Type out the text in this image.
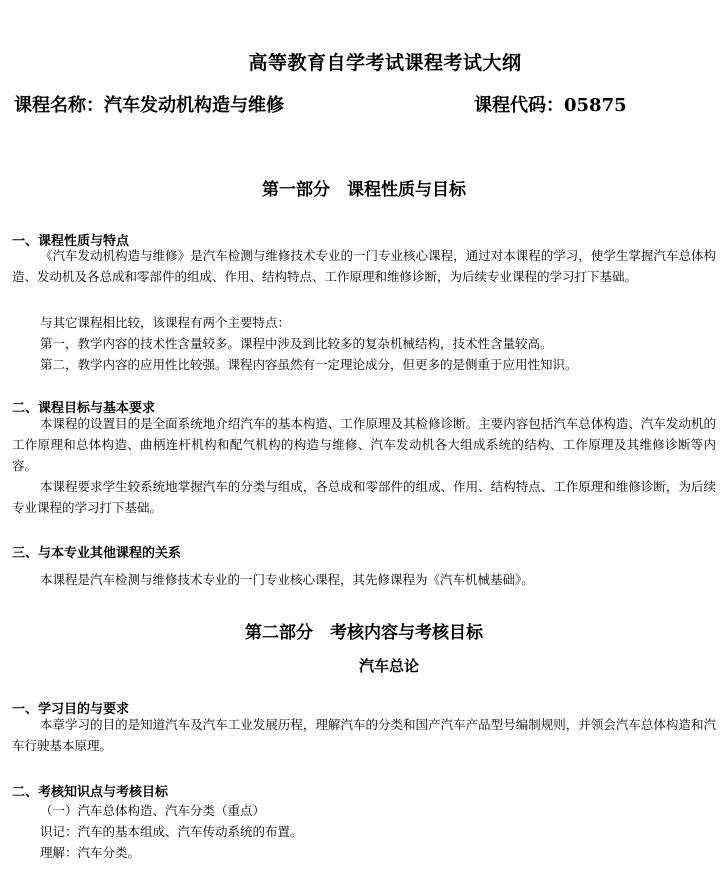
高等教育自学考试课程考试大纲
课程名称：汽车发动机构造与维修	课程代码：05875
第一部分　课程性质与目标
一、课程性质与特点

《汽车发动机构造与维修》是汽车检测与维修技术专业的一门专业核心课程，通过对本课程的学习，使学生掌握汽车总体构造、发动机及各总成和零部件的组成、作用、结构特点、工作原理和维修诊断，为后续专业课程的学习打下基础。

与其它课程相比较，该课程有两个主要特点：
第一，教学内容的技术性含量较多。课程中涉及到比较多的复杂机械结构，技术性含量较高。
第二，教学内容的应用性比较强。课程内容虽然有一定理论成分，但更多的是侧重于应用性知识。
二、课程目标与基本要求

本课程的设置目的是全面系统地介绍汽车的基本构造、工作原理及其检修诊断。主要内容包括汽车总体构造、汽车发动机的工作原理和总体构造、曲柄连杆机构和配气机构的构造与维修、汽车发动机各大组成系统的结构、工作原理及其维修诊断等内容。

本课程要求学生较系统地掌握汽车的分类与组成，各总成和零部件的组成、作用、结构特点、工作原理和维修诊断，为后续专业课程的学习打下基础。

三、与本专业其他课程的关系
本课程是汽车检测与维修技术专业的一门专业核心课程，其先修课程为《汽车机械基础》。
第二部分　考核内容与考核目标
汽车总论
一、学习目的与要求

本章学习的目的是知道汽车及汽车工业发展历程，理解汽车的分类和国产汽车产品型号编制规则，并领会汽车总体构造和汽车行驶基本原理。

二、考核知识点与考核目标
（一）汽车总体构造、汽车分类（重点）
识记：汽车的基本组成、汽车传动系统的布置。
理解：汽车分类。
